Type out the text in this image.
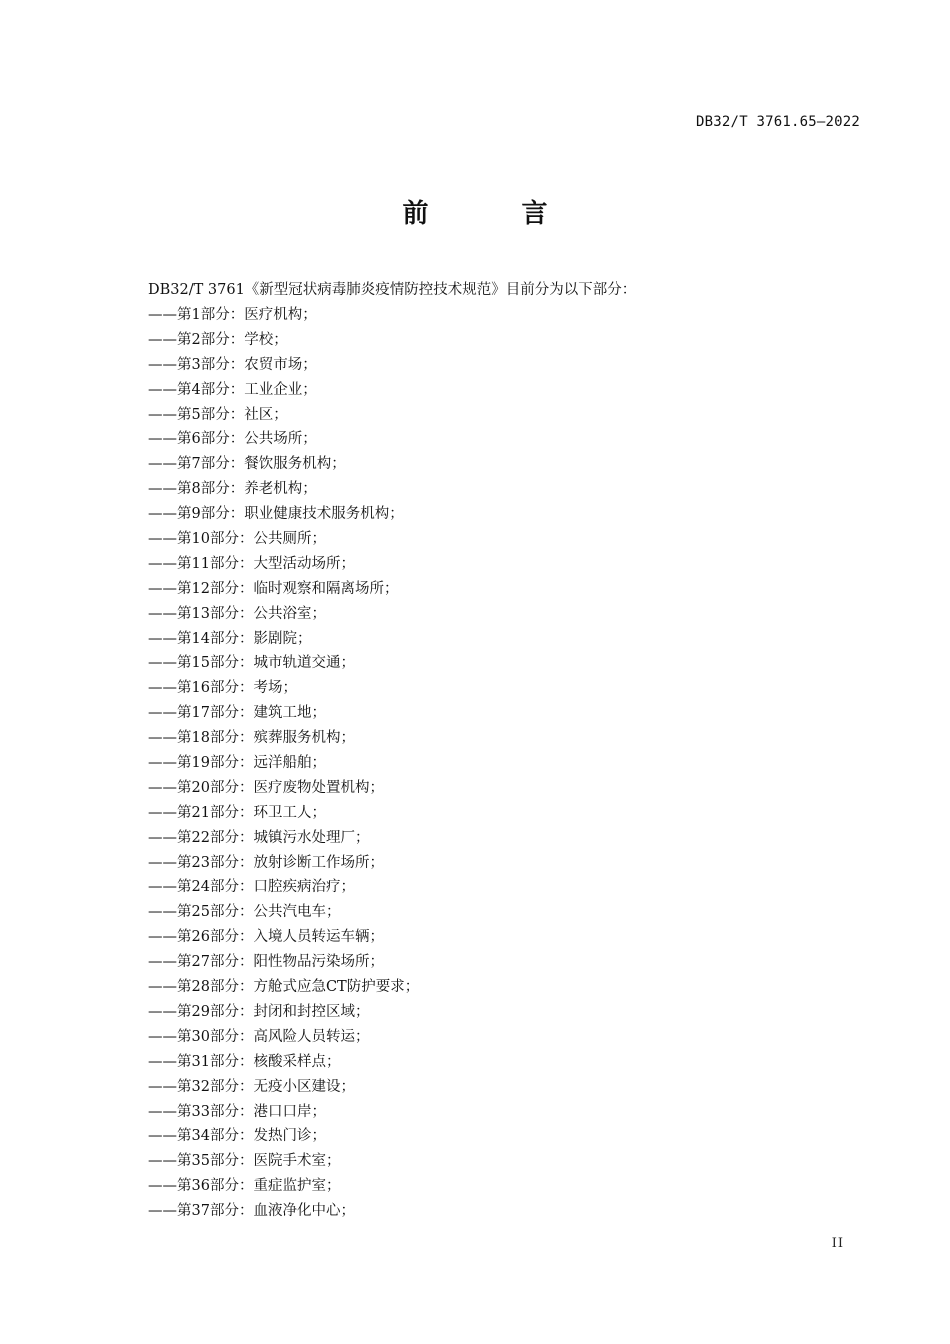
DB32/T 3761.65—2022
前 言
DB32/T 3761《新型冠状病毒肺炎疫情防控技术规范》目前分为以下部分：
——第1部分：医疗机构；
——第2部分：学校；
——第3部分：农贸市场；
——第4部分：工业企业；
——第5部分：社区；
——第6部分：公共场所；
——第7部分：餐饮服务机构；
——第8部分：养老机构；
——第9部分：职业健康技术服务机构；
——第10部分：公共厕所；
——第11部分：大型活动场所；
——第12部分：临时观察和隔离场所；
——第13部分：公共浴室；
——第14部分：影剧院；
——第15部分：城市轨道交通；
——第16部分：考场；
——第17部分：建筑工地；
——第18部分：殡葬服务机构；
——第19部分：远洋船舶；
——第20部分：医疗废物处置机构；
——第21部分：环卫工人；
——第22部分：城镇污水处理厂；
——第23部分：放射诊断工作场所；
——第24部分：口腔疾病治疗；
——第25部分：公共汽电车；
——第26部分：入境人员转运车辆；
——第27部分：阳性物品污染场所；
——第28部分：方舱式应急CT防护要求；
——第29部分：封闭和封控区域；
——第30部分：高风险人员转运；
——第31部分：核酸采样点；
——第32部分：无疫小区建设；
——第33部分：港口口岸；
——第34部分：发热门诊；
——第35部分：医院手术室；
——第36部分：重症监护室；
——第37部分：血液净化中心；
II
